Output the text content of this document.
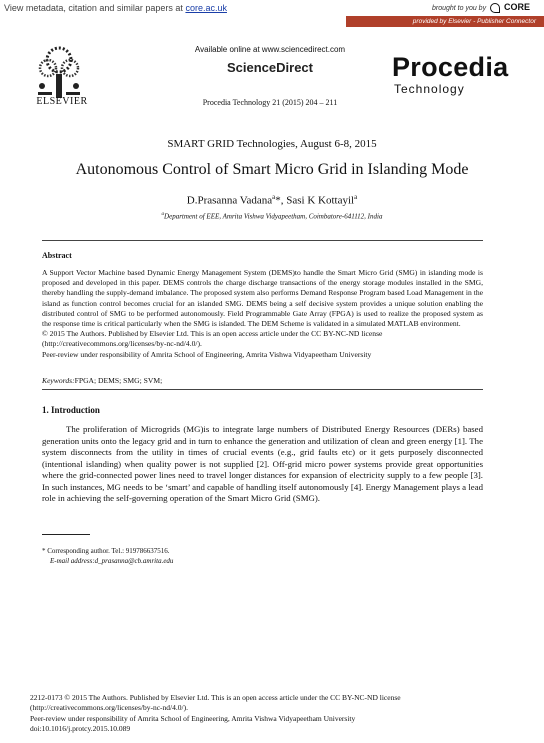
View metadata, citation and similar papers at core.ac.uk	brought to you by CORE
provided by Elsevier - Publisher Connector
ELSEVIER
Available online at www.sciencedirect.com
ScienceDirect
Procedia Technology 21 (2015) 204 – 211
Procedia
Technology
SMART GRID Technologies, August 6-8, 2015
Autonomous Control of Smart Micro Grid in Islanding Mode
D.Prasanna Vadana$^a$*, Sasi K Kottayil$^a$
$^a$Department of EEE, Amrita Vishwa Vidyapeetham, Coimbatore-641112, India
Abstract

A Support Vector Machine based Dynamic Energy Management System (DEMS)to handle the Smart Micro Grid (SMG) in islanding mode is proposed and developed in this paper. DEMS controls the charge discharge transactions of the energy storage modules installed in the SMG, thereby handling the supply-demand imbalance. The proposed system also performs Demand Response Program based Load Management in the island as function control becomes crucial for an islanded SMG. DEMS being a self decisive system provides a unique solution enabling the distributed control of SMG to be performed autonomously. Field Programmable Gate Array (FPGA) is used to realize the proposed system as the response time is critical particularly when the SMG is islanded. The DEM Scheme is validated in a simulated MATLAB environment.

© 2015 The Authors. Published by Elsevier Ltd. This is an open access article under the CC BY-NC-ND license

(http://creativecommons.org/licenses/by-nc-nd/4.0/).

Peer-review under responsibility of Amrita School of Engineering, Amrita Vishwa Vidyapeetham University

Keywords:FPGA; DEMS; SMG; SVM;
1. Introduction

The proliferation of Microgrids (MG)is to integrate large numbers of Distributed Energy Resources (DERs) based generation units onto the legacy grid and in turn to enhance the generation and utilization of clean and green energy [1]. The system disconnects from the utility in times of crucial events (e.g., grid faults etc) or it gets purposely disconnected (intentional islanding) when quality power is not supplied [2]. Off-grid micro power systems provide great opportunities where the grid-connected power lines need to travel longer distances for expansion of electricity supply to a few people [3]. In such instances, MG needs to be ‘smart’ and capable of handling itself autonomously [4]. Energy Management plays a lead role in achieving the self-governing operation of the Smart Micro Grid (SMG).

* Corresponding author. Tel.: 919786637516.
E-mail address:d_prasanna@cb.amrita.edu
2212-0173 © 2015 The Authors. Published by Elsevier Ltd. This is an open access article under the CC BY-NC-ND license
(http://creativecommons.org/licenses/by-nc-nd/4.0/).
Peer-review under responsibility of Amrita School of Engineering, Amrita Vishwa Vidyapeetham University
doi:10.1016/j.protcy.2015.10.089
